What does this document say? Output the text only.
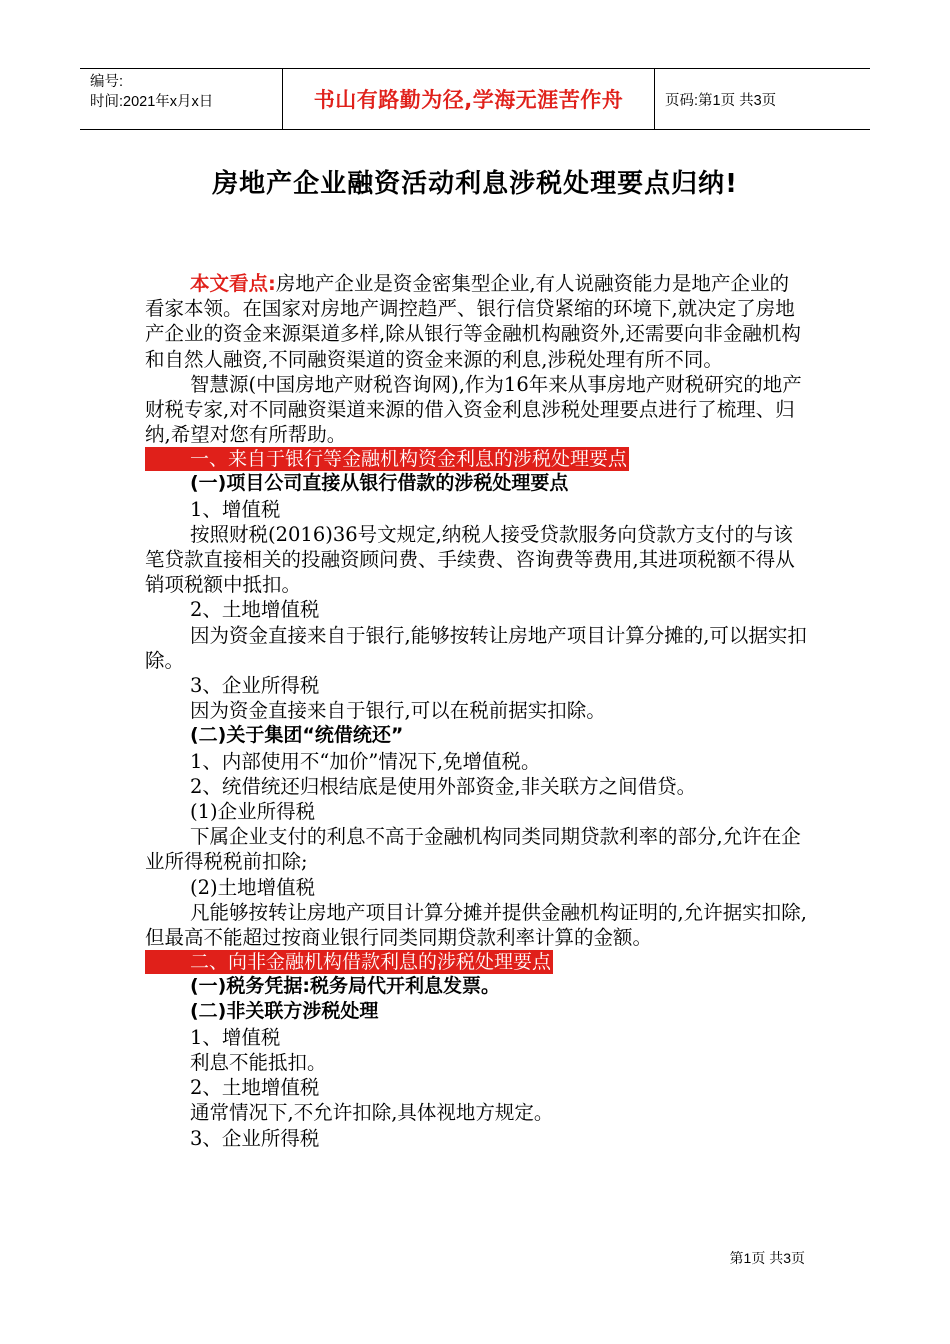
编号:
时间:2021年x月x日	书山有路勤为径,学海无涯苦作舟	页码:第1页 共3页
房地产企业融资活动利息涉税处理要点归纳!

本文看点:房地产企业是资金密集型企业,有人说融资能力是地产企业的看家本领。在国家对房地产调控趋严、银行信贷紧缩的环境下,就决定了房地产企业的资金来源渠道多样,除从银行等金融机构融资外,还需要向非金融机构和自然人融资,不同融资渠道的资金来源的利息,涉税处理有所不同。

智慧源(中国房地产财税咨询网),作为16年来从事房地产财税研究的地产财税专家,对不同融资渠道来源的借入资金利息涉税处理要点进行了梳理、归纳,希望对您有所帮助。

一、来自于银行等金融机构资金利息的涉税处理要点

(一)项目公司直接从银行借款的涉税处理要点

1、增值税

按照财税(2016)36号文规定,纳税人接受贷款服务向贷款方支付的与该笔贷款直接相关的投融资顾问费、手续费、咨询费等费用,其进项税额不得从销项税额中抵扣。

2、土地增值税

因为资金直接来自于银行,能够按转让房地产项目计算分摊的,可以据实扣除。

3、企业所得税

因为资金直接来自于银行,可以在税前据实扣除。

(二)关于集团“统借统还”

1、内部使用不“加价”情况下,免增值税。

2、统借统还归根结底是使用外部资金,非关联方之间借贷。

(1)企业所得税

下属企业支付的利息不高于金融机构同类同期贷款利率的部分,允许在企业所得税税前扣除;

(2)土地增值税

凡能够按转让房地产项目计算分摊并提供金融机构证明的,允许据实扣除,但最高不能超过按商业银行同类同期贷款利率计算的金额。

二、向非金融机构借款利息的涉税处理要点

(一)税务凭据:税务局代开利息发票。

(二)非关联方涉税处理

1、增值税

利息不能抵扣。

2、土地增值税

通常情况下,不允许扣除,具体视地方规定。

3、企业所得税

第1页 共3页
